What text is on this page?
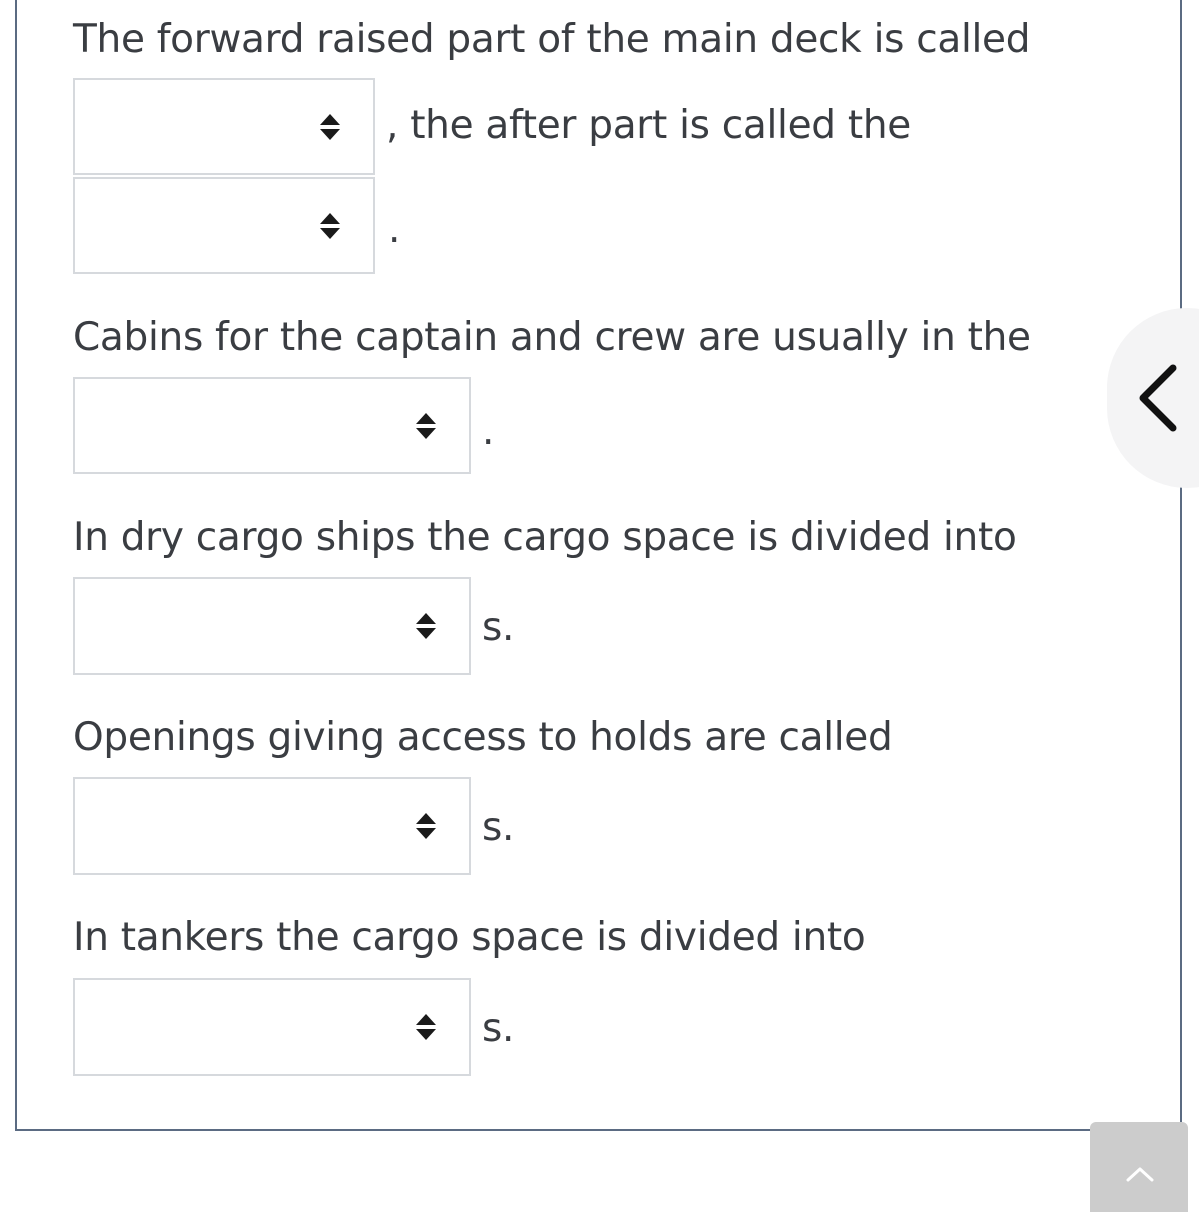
The forward raised part of the main deck is called
, the after part is called the
.
Cabins for the captain and crew are usually in the
.
In dry cargo ships the cargo space is divided into
s.
Openings giving access to holds are called
s.
In tankers the cargo space is divided into
s.
